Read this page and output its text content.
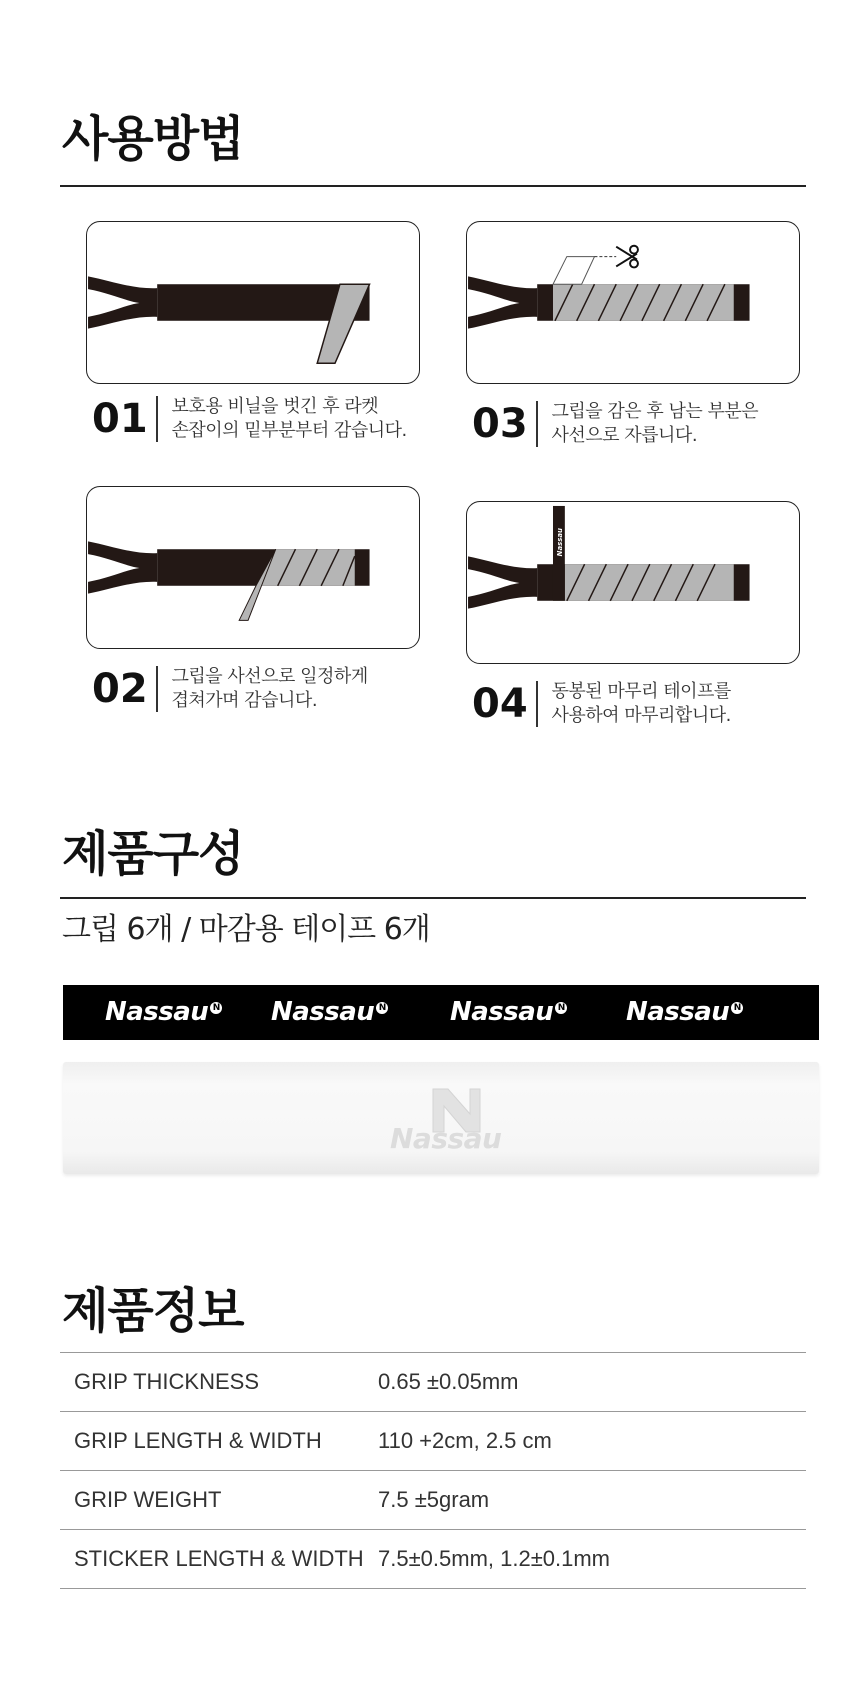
사용방법
01	보호용 비닐을 벗긴 후 라켓
손잡이의 밑부분부터 감습니다.
02	그립을 사선으로 일정하게
겹쳐가며 감습니다.
03	그립을 감은 후 남는 부분은
사선으로 자릅니다.
Nassau
04	동봉된 마무리 테이프를
사용하여 마무리합니다.
제품구성
그립 6개 / 마감용 테이프 6개
Nassau N Nassau N Nassau N Nassau N
Nassau
제품정보
GRIP THICKNESS	0.65 ±0.05mm
GRIP LENGTH & WIDTH	110 +2cm, 2.5 cm
GRIP WEIGHT	7.5 ±5gram
STICKER LENGTH & WIDTH 7.5±0.5mm, 1.2±0.1mm
